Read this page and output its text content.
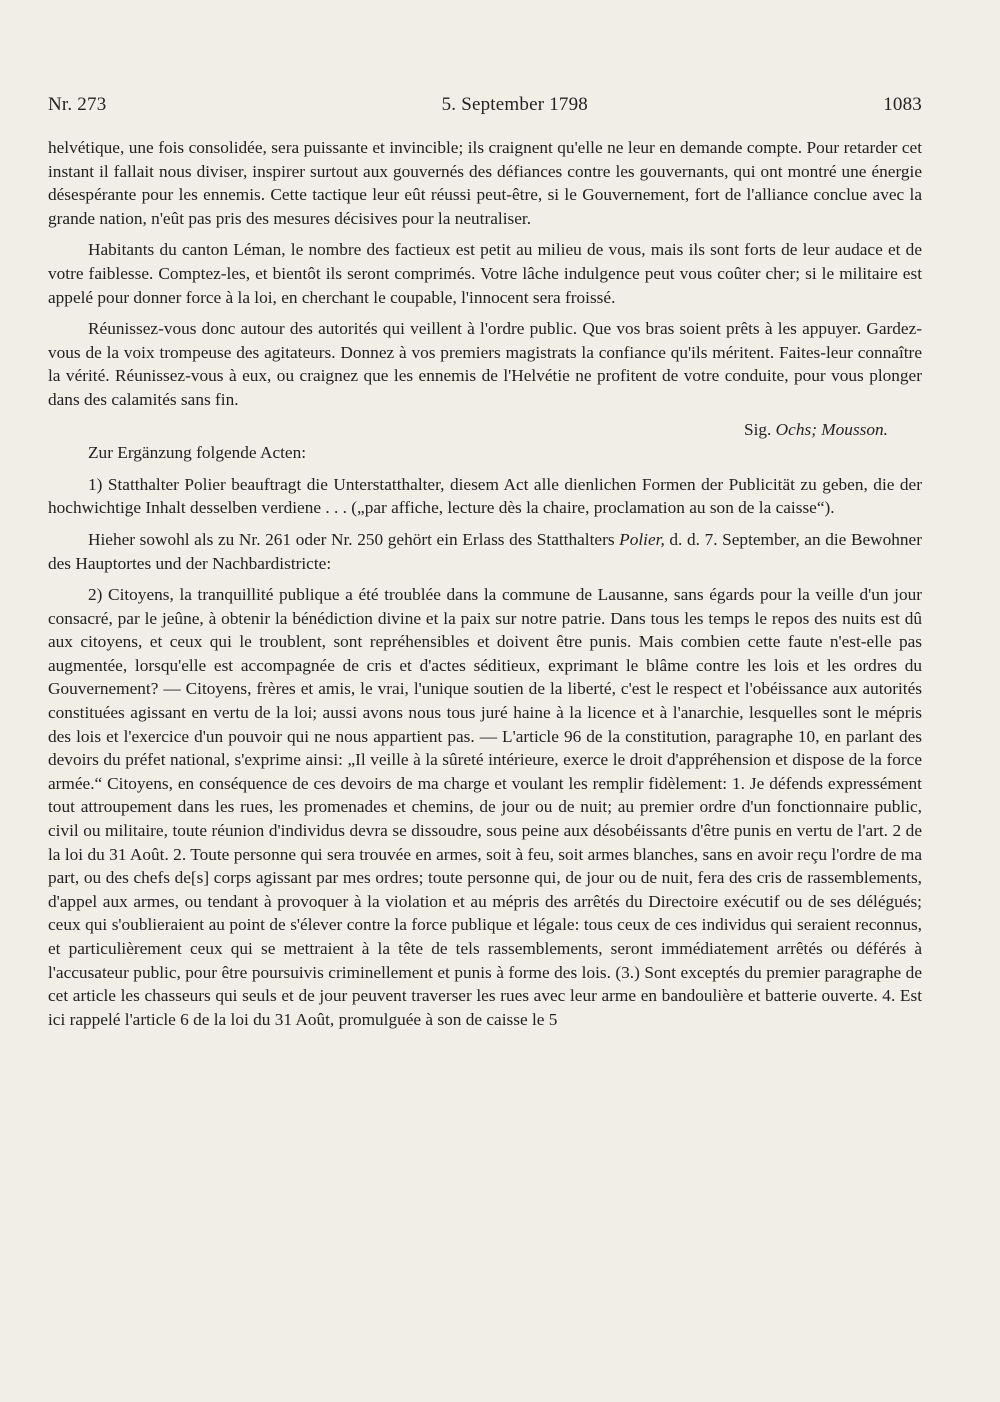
Nr. 273	5. September 1798	1083

helvétique, une fois consolidée, sera puissante et invincible; ils craignent qu'elle ne leur en demande compte. Pour retarder cet instant il fallait nous diviser, inspirer surtout aux gouvernés des défiances contre les gouvernants, qui ont montré une énergie désespérante pour les ennemis. Cette tactique leur eût réussi peut-être, si le Gouvernement, fort de l'alliance conclue avec la grande nation, n'eût pas pris des mesures décisives pour la neutraliser.

Habitants du canton Léman, le nombre des factieux est petit au milieu de vous, mais ils sont forts de leur audace et de votre faiblesse. Comptez-les, et bientôt ils seront comprimés. Votre lâche indulgence peut vous coûter cher; si le militaire est appelé pour donner force à la loi, en cherchant le coupable, l'innocent sera froissé.

Réunissez-vous donc autour des autorités qui veillent à l'ordre public. Que vos bras soient prêts à les appuyer. Gardez-vous de la voix trompeuse des agitateurs. Donnez à vos premiers magistrats la confiance qu'ils méritent. Faites-leur connaître la vérité. Réunissez-vous à eux, ou craignez que les ennemis de l'Helvétie ne profitent de votre conduite, pour vous plonger dans des calamités sans fin.

Sig. Ochs; Mousson.

Zur Ergänzung folgende Acten:

1) Statthalter Polier beauftragt die Unterstatthalter, diesem Act alle dienlichen Formen der Publicität zu geben, die der hochwichtige Inhalt desselben verdiene . . . („par affiche, lecture dès la chaire, proclamation au son de la caisse“).

Hieher sowohl als zu Nr. 261 oder Nr. 250 gehört ein Erlass des Statthalters Polier, d. d. 7. September, an die Bewohner des Hauptortes und der Nachbardistricte:

2) Citoyens, la tranquillité publique a été troublée dans la commune de Lausanne, sans égards pour la veille d'un jour consacré, par le jeûne, à obtenir la bénédiction divine et la paix sur notre patrie. Dans tous les temps le repos des nuits est dû aux citoyens, et ceux qui le troublent, sont repréhensibles et doivent être punis. Mais combien cette faute n'est-elle pas augmentée, lorsqu'elle est accompagnée de cris et d'actes séditieux, exprimant le blâme contre les lois et les ordres du Gouvernement? — Citoyens, frères et amis, le vrai, l'unique soutien de la liberté, c'est le respect et l'obéissance aux autorités constituées agissant en vertu de la loi; aussi avons nous tous juré haine à la licence et à l'anarchie, lesquelles sont le mépris des lois et l'exercice d'un pouvoir qui ne nous appartient pas. — L'article 96 de la constitution, paragraphe 10, en parlant des devoirs du préfet national, s'exprime ainsi: „Il veille à la sûreté intérieure, exerce le droit d'appréhension et dispose de la force armée.“ Citoyens, en conséquence de ces devoirs de ma charge et voulant les remplir fidèlement: 1. Je défends expressément tout attroupement dans les rues, les promenades et chemins, de jour ou de nuit; au premier ordre d'un fonctionnaire public, civil ou militaire, toute réunion d'individus devra se dissoudre, sous peine aux désobéissants d'être punis en vertu de l'art. 2 de la loi du 31 Août. 2. Toute personne qui sera trouvée en armes, soit à feu, soit armes blanches, sans en avoir reçu l'ordre de ma part, ou des chefs de[s] corps agissant par mes ordres; toute personne qui, de jour ou de nuit, fera des cris de rassemblements, d'appel aux armes, ou tendant à provoquer à la violation et au mépris des arrêtés du Directoire exécutif ou de ses délégués; ceux qui s'oublieraient au point de s'élever contre la force publique et légale: tous ceux de ces individus qui seraient reconnus, et particulièrement ceux qui se mettraient à la tête de tels rassemblements, seront immédiatement arrêtés ou déférés à l'accusateur public, pour être poursuivis criminellement et punis à forme des lois. (3.) Sont exceptés du premier paragraphe de cet article les chasseurs qui seuls et de jour peuvent traverser les rues avec leur arme en bandoulière et batterie ouverte. 4. Est ici rappelé l'article 6 de la loi du 31 Août, promulguée à son de caisse le 5
